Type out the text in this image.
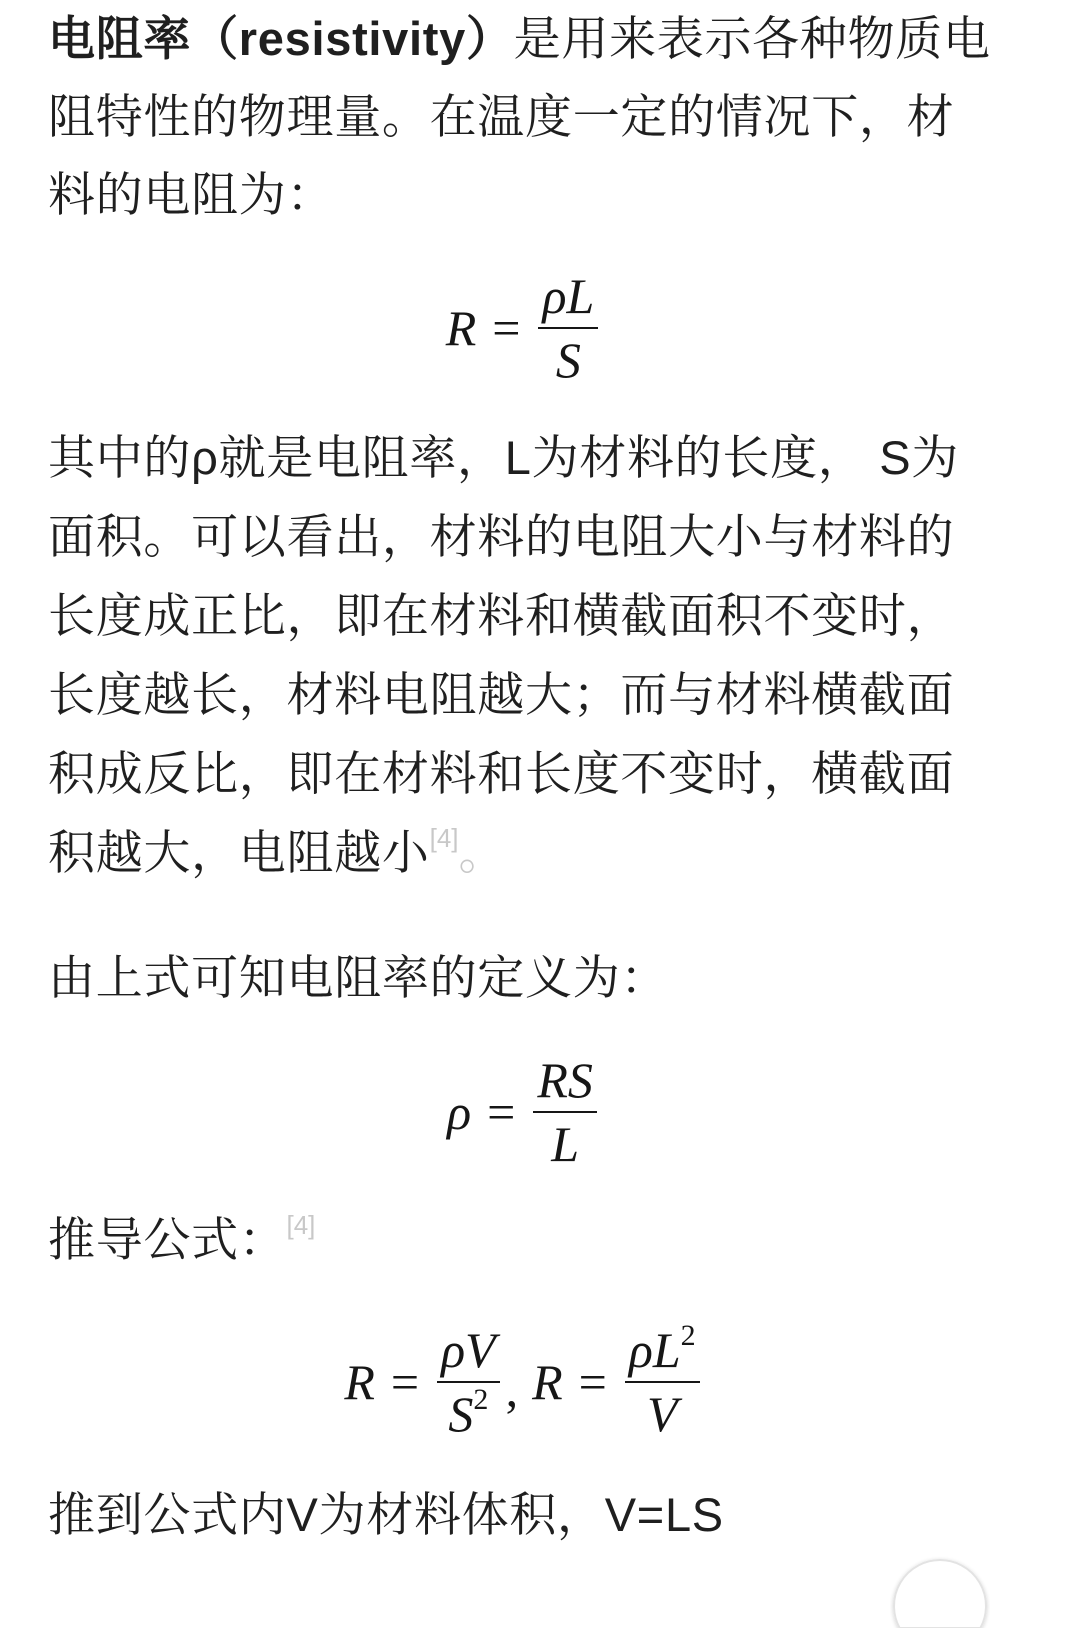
电阻率（resistivity）是用来表示各种物质电阻特性的物理量。在温度一定的情况下，材料的电阻为：

$R = \frac{\rho L}{S}$

其中的ρ就是电阻率，L为材料的长度， S为面积。可以看出，材料的电阻大小与材料的长度成正比，即在材料和横截面积不变时，长度越长，材料电阻越大；而与材料横截面积成反比，即在材料和长度不变时，横截面积越大，电阻越小[4]。

由上式可知电阻率的定义为：

$\rho = \frac{RS}{L}$

推导公式：[4]

$R = \frac{\rho V}{S^2}$ , $R = \frac{\rho L^2}{V}$

推到公式内V为材料体积，V=LS
